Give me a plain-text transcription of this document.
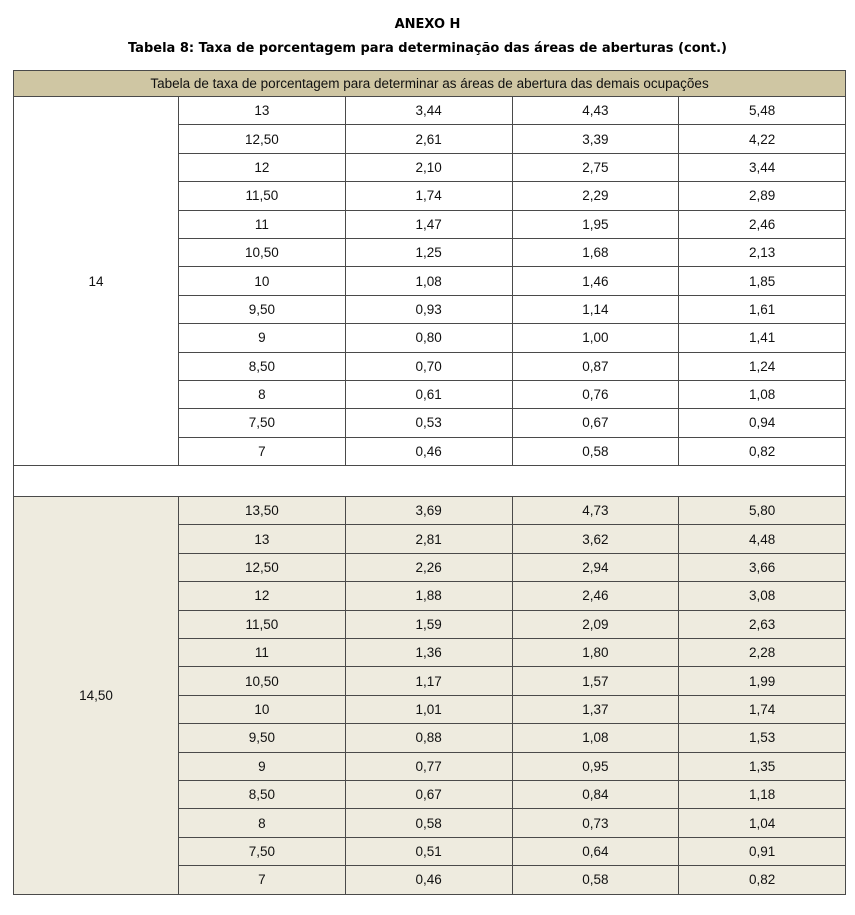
ANEXO H
Tabela 8: Taxa de porcentagem para determinação das áreas de aberturas (cont.)
Tabela de taxa de porcentagem para determinar as áreas de abertura das demais ocupações				
14	13	3,44	4,43	5,48
	12,50	2,61	3,39	4,22
	12	2,10	2,75	3,44
	11,50	1,74	2,29	2,89
	11	1,47	1,95	2,46
	10,50	1,25	1,68	2,13
	10	1,08	1,46	1,85
	9,50	0,93	1,14	1,61
	9	0,80	1,00	1,41
	8,50	0,70	0,87	1,24
	8	0,61	0,76	1,08
	7,50	0,53	0,67	0,94
	7	0,46	0,58	0,82

14,50	13,50	3,69	4,73	5,80
	13	2,81	3,62	4,48
	12,50	2,26	2,94	3,66
	12	1,88	2,46	3,08
	11,50	1,59	2,09	2,63
	11	1,36	1,80	2,28
	10,50	1,17	1,57	1,99
	10	1,01	1,37	1,74
	9,50	0,88	1,08	1,53
	9	0,77	0,95	1,35
	8,50	0,67	0,84	1,18
	8	0,58	0,73	1,04
	7,50	0,51	0,64	0,91
	7	0,46	0,58	0,82
